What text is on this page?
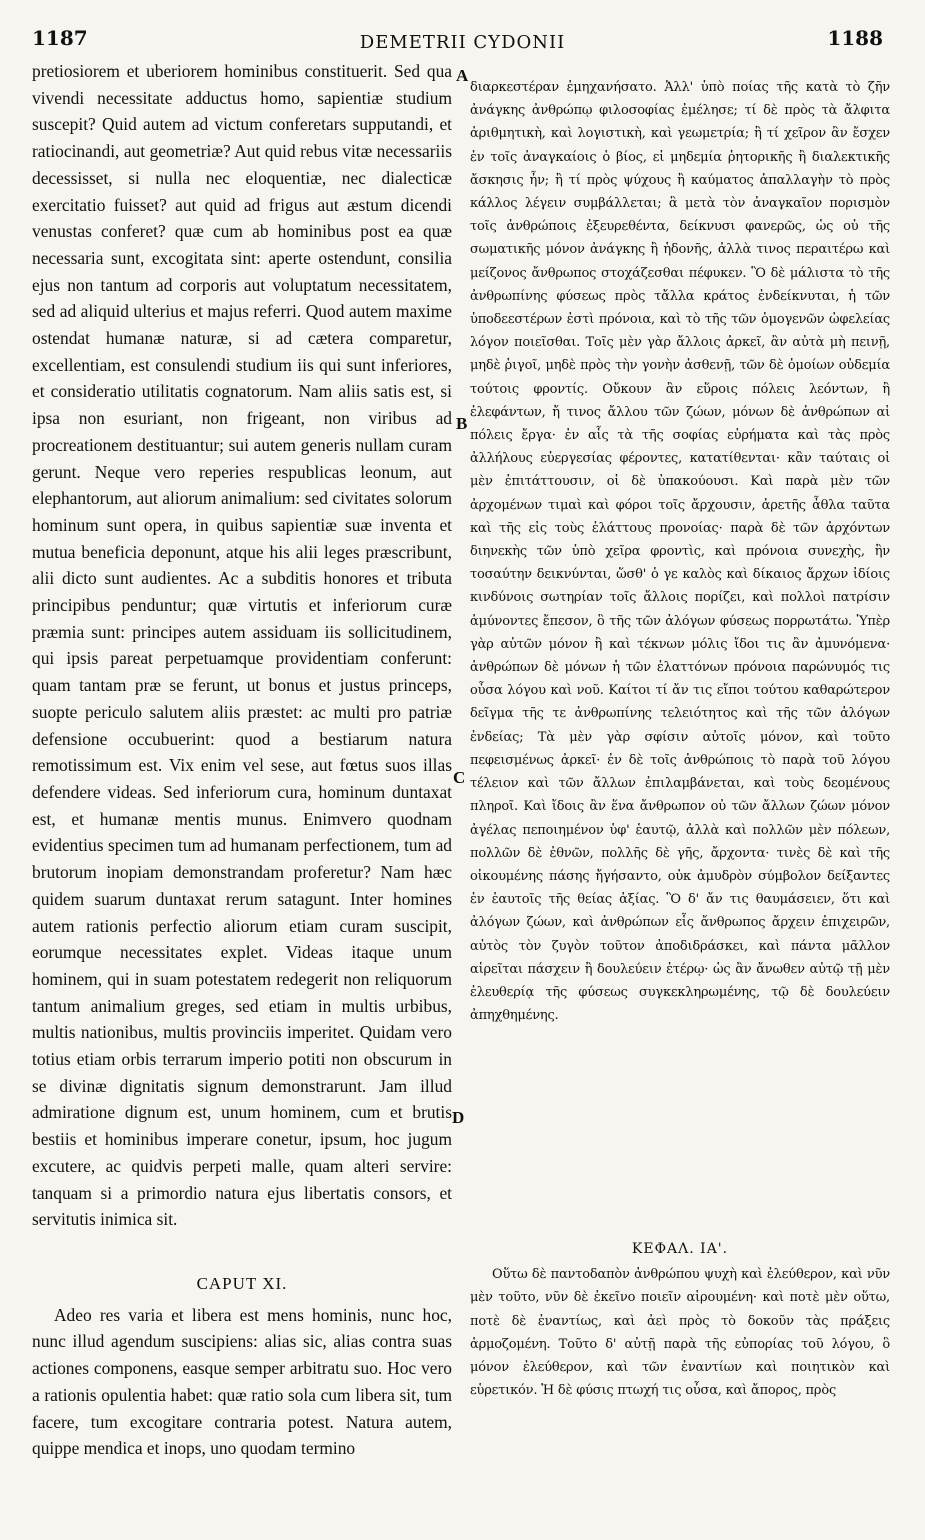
1187	DEMETRII CYDONII	1188
A
B
C
D

pretiosiorem et uberiorem hominibus constituerit. Sed qua vivendi necessitate adductus homo, sapientiæ studium suscepit? Quid autem ad victum conferetars supputandi, et ratiocinandi, aut geometriæ? Aut quid rebus vitæ necessariis decessisset, si nulla nec eloquentiæ, nec dialecticæ exercitatio fuisset? aut quid ad frigus aut æstum dicendi venustas conferet? quæ cum ab hominibus post ea quæ necessaria sunt, excogitata sint: aperte ostendunt, consilia ejus non tantum ad corporis aut voluptatum necessitatem, sed ad aliquid ulterius et majus referri. Quod autem maxime ostendat humanæ naturæ, si ad cætera comparetur, excellentiam, est consulendi studium iis qui sunt inferiores, et consideratio utilitatis cognatorum. Nam aliis satis est, si ipsa non esuriant, non frigeant, non viribus ad procreationem destituantur; sui autem generis nullam curam gerunt. Neque vero reperies respublicas leonum, aut elephantorum, aut aliorum animalium: sed civitates solorum hominum sunt opera, in quibus sapientiæ suæ inventa et mutua beneficia deponunt, atque his alii leges præscribunt, alii dicto sunt audientes. Ac a subditis honores et tributa principibus penduntur; quæ virtutis et inferiorum curæ præmia sunt: principes autem assiduam iis sollicitudinem, qui ipsis pareat perpetuamque providentiam conferunt: quam tantam præ se ferunt, ut bonus et justus princeps, suopte periculo salutem aliis præstet: ac multi pro patriæ defensione occubuerint: quod a bestiarum natura remotissimum est. Vix enim vel sese, aut fœtus suos illas defendere videas. Sed inferiorum cura, hominum duntaxat est, et humanæ mentis munus. Enimvero quodnam evidentius specimen tum ad humanam perfectionem, tum ad brutorum inopiam demonstrandam proferetur? Nam hæc quidem suarum duntaxat rerum satagunt. Inter homines autem rationis perfectio aliorum etiam curam suscipit, eorumque necessitates explet. Videas itaque unum hominem, qui in suam potestatem redegerit non reliquorum tantum animalium greges, sed etiam in multis urbibus, multis nationibus, multis provinciis imperitet. Quidam vero totius etiam orbis terrarum imperio potiti non obscurum in se divinæ dignitatis signum demonstrarunt. Jam illud admiratione dignum est, unum hominem, cum et brutis bestiis et hominibus imperare conetur, ipsum, hoc jugum excutere, ac quidvis perpeti malle, quam alteri servire: tanquam si a primordio natura ejus libertatis consors, et servitutis inimica sit.

διαρκεστέραν ἐμηχανήσατο. Ἀλλ' ὑπὸ ποίας τῆς κατὰ τὸ ζῆν ἀνάγκης ἀνθρώπῳ φιλοσοφίας ἐμέλησε; τί δὲ πρὸς τὰ ἄλφιτα ἀριθμητικὴ, καὶ λογιστικὴ, καὶ γεωμετρία; ἢ τί χεῖρον ἂν ἔσχεν ἐν τοῖς ἀναγκαίοις ὁ βίος, εἰ μηδεμία ῥητορικῆς ἢ διαλεκτικῆς ἄσκησις ἦν; ἢ τί πρὸς ψύχους ἢ καύματος ἀπαλλαγὴν τὸ πρὸς κάλλος λέγειν συμβάλλεται; ἃ μετὰ τὸν ἀναγκαῖον πορισμὸν τοῖς ἀνθρώποις ἐξευρεθέντα, δείκνυσι φανερῶς, ὡς οὐ τῆς σωματικῆς μόνον ἀνάγκης ἢ ἡδονῆς, ἀλλὰ τινος περαιτέρω καὶ μείζονος ἄνθρωπος στοχάζεσθαι πέφυκεν. Ὃ δὲ μάλιστα τὸ τῆς ἀνθρωπίνης φύσεως πρὸς τἄλλα κράτος ἐνδείκνυται, ἡ τῶν ὑποδεεστέρων ἐστὶ πρόνοια, καὶ τὸ τῆς τῶν ὁμογενῶν ὠφελείας λόγον ποιεῖσθαι. Τοῖς μὲν γὰρ ἄλλοις ἀρκεῖ, ἂν αὐτὰ μὴ πεινῇ, μηδὲ ῥιγοῖ, μηδὲ πρὸς τὴν γονὴν ἀσθενῇ, τῶν δὲ ὁμοίων οὐδεμία τούτοις φροντίς. Οὔκουν ἂν εὕροις πόλεις λεόντων, ἢ ἐλεφάντων, ἤ τινος ἄλλου τῶν ζώων, μόνων δὲ ἀνθρώπων αἱ πόλεις ἔργα· ἐν αἷς τὰ τῆς σοφίας εὑρήματα καὶ τὰς πρὸς ἀλλήλους εὐεργεσίας φέροντες, κατατίθενται· κἂν ταύταις οἱ μὲν ἐπιτάττουσιν, οἱ δὲ ὑπακούουσι. Καὶ παρὰ μὲν τῶν ἀρχομένων τιμαὶ καὶ φόροι τοῖς ἄρχουσιν, ἀρετῆς ἆθλα ταῦτα καὶ τῆς εἰς τοὺς ἐλάττους προνοίας· παρὰ δὲ τῶν ἀρχόντων διηνεκὴς τῶν ὑπὸ χεῖρα φροντὶς, καὶ πρόνοια συνεχὴς, ἣν τοσαύτην δεικνύνται, ὥσθ' ὁ γε καλὸς καὶ δίκαιος ἄρχων ἰδίοις κινδύνοις σωτηρίαν τοῖς ἄλλοις πορίζει, καὶ πολλοὶ πατρίσιν ἀμύνοντες ἔπεσον, ὃ τῆς τῶν ἀλόγων φύσεως πορρωτάτω. Ὑπὲρ γὰρ αὐτῶν μόνον ἢ καὶ τέκνων μόλις ἴδοι τις ἂν ἀμυνόμενα· ἀνθρώπων δὲ μόνων ἡ τῶν ἐλαττόνων πρόνοια παρώνυμός τις οὖσα λόγου καὶ νοῦ. Καίτοι τί ἄν τις εἴποι τούτου καθαρώτερον δεῖγμα τῆς τε ἀνθρωπίνης τελειότητος καὶ τῆς τῶν ἀλόγων ἐνδείας; Τὰ μὲν γὰρ σφίσιν αὐτοῖς μόνον, καὶ τοῦτο πεφεισμένως ἀρκεῖ· ἐν δὲ τοῖς ἀνθρώποις τὸ παρὰ τοῦ λόγου τέλειον καὶ τῶν ἄλλων ἐπιλαμβάνεται, καὶ τοὺς δεομένους πληροῖ. Καὶ ἴδοις ἂν ἕνα ἄνθρωπον οὐ τῶν ἄλλων ζώων μόνον ἀγέλας πεποιημένον ὑφ' ἑαυτῷ, ἀλλὰ καὶ πολλῶν μὲν πόλεων, πολλῶν δὲ ἐθνῶν, πολλῆς δὲ γῆς, ἄρχοντα· τινὲς δὲ καὶ τῆς οἰκουμένης πάσης ἤγήσαντο, οὐκ ἀμυδρὸν σύμβολον δείξαντες ἐν ἑαυτοῖς τῆς θείας ἀξίας. Ὃ δ' ἄν τις θαυμάσειεν, ὅτι καὶ ἀλόγων ζώων, καὶ ἀνθρώπων εἷς ἄνθρωπος ἄρχειν ἐπιχειρῶν, αὐτὸς τὸν ζυγὸν τοῦτον ἀποδιδράσκει, καὶ πάντα μᾶλλον αἱρεῖται πάσχειν ἢ δουλεύειν ἑτέρῳ· ὡς ἂν ἄνωθεν αὐτῷ τῇ μὲν ἐλευθερίᾳ τῆς φύσεως συγκεκληρωμένης, τῷ δὲ δουλεύειν ἀπηχθημένης.

CAPUT XI.

Adeo res varia et libera est mens hominis, nunc hoc, nunc illud agendum suscipiens: alias sic, alias contra suas actiones componens, easque semper arbitratu suo. Hoc vero a rationis opulentia habet: quæ ratio sola cum libera sit, tum facere, tum excogitare contraria potest. Natura autem, quippe mendica et inops, uno quodam termino

ΚΕΦΑΛ. ΙΑ'.

Οὕτω δὲ παντοδαπὸν ἀνθρώπου ψυχὴ καὶ ἐλεύθερον, καὶ νῦν μὲν τοῦτο, νῦν δὲ ἐκεῖνο ποιεῖν αἱρουμένη· καὶ ποτὲ μὲν οὕτω, ποτὲ δὲ ἐναντίως, καὶ ἀεὶ πρὸς τὸ δοκοῦν τὰς πράξεις ἁρμοζομένη. Τοῦτο δ' αὐτῇ παρὰ τῆς εὐπορίας τοῦ λόγου, ὃ μόνον ἐλεύθερον, καὶ τῶν ἐναντίων καὶ ποιητικὸν καὶ εὑρετικόν. Ἡ δὲ φύσις πτωχή τις οὖσα, καὶ ἄπορος, πρὸς
